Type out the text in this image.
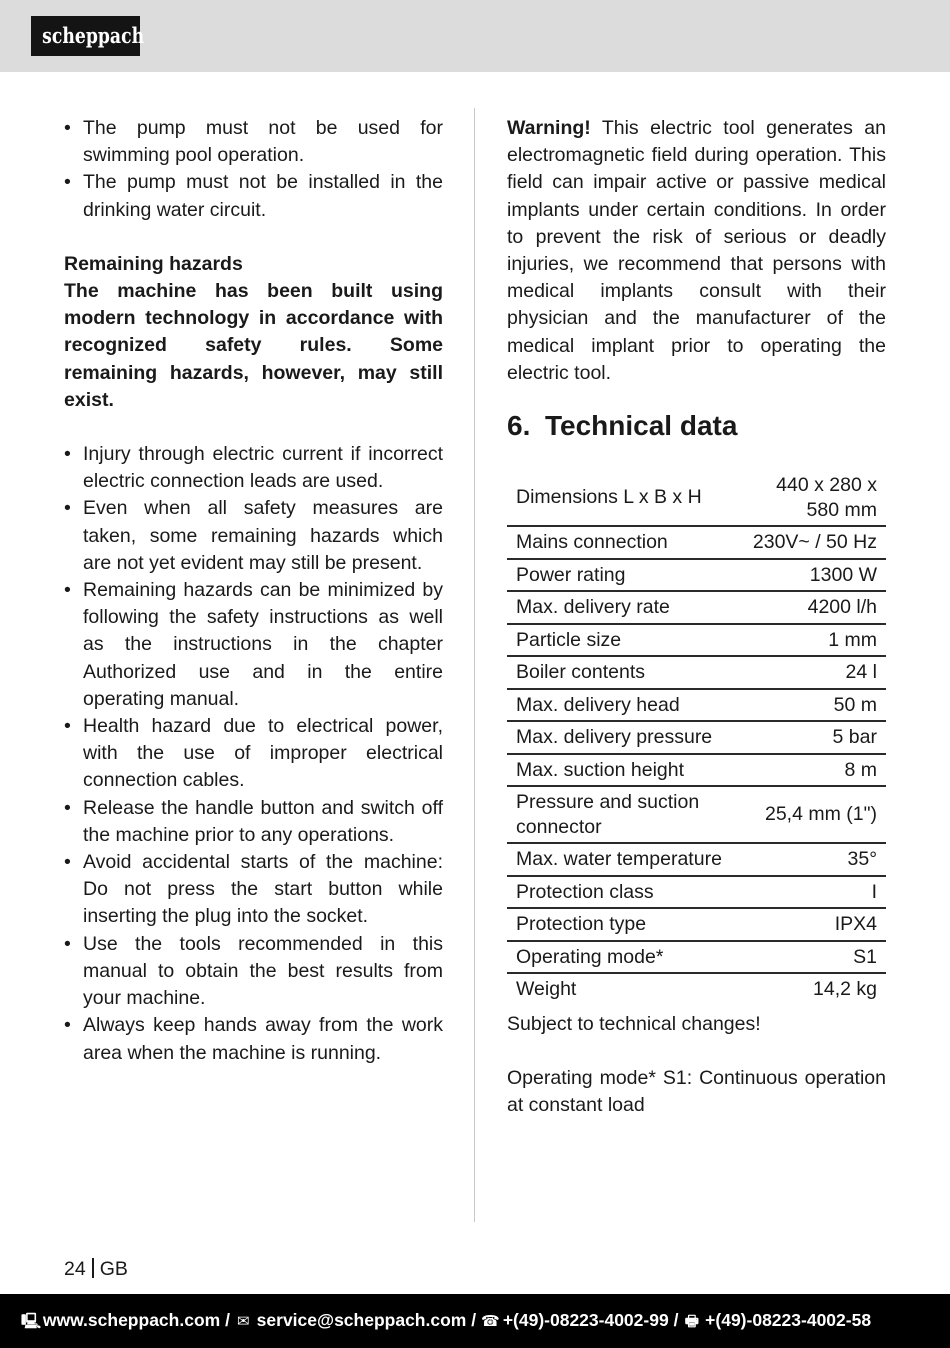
scheppach
• The pump must not be used for swimming pool operation.
• The pump must not be installed in the drinking water circuit.
Remaining hazards
The machine has been built using modern technology in accordance with recognized safety rules. Some remaining hazards, however, may still exist.
• Injury through electric current if incorrect electric connection leads are used.
• Even when all safety measures are taken, some remaining hazards which are not yet evident may still be present.
• Remaining hazards can be minimized by following the safety instructions as well as the instructions in the chapter Authorized use and in the entire operating manual.
• Health hazard due to electrical power, with the use of improper electrical connection cables.
• Release the handle button and switch off the machine prior to any operations.
• Avoid accidental starts of the machine: Do not press the start button while inserting the plug into the socket.
• Use the tools recommended in this manual to obtain the best results from your machine.
• Always keep hands away from the work area when the machine is running.

Warning! This electric tool generates an electromagnetic field during operation. This field can impair active or passive medical implants under certain conditions. In order to prevent the risk of serious or deadly injuries, we recommend that persons with medical implants consult with their physician and the manufacturer of the medical implant prior to operating the electric tool.

6. Technical data
Dimensions L x B x H	440 x 280 x 580 mm
Mains connection	230V~ / 50 Hz
Power rating	1300 W
Max. delivery rate	4200 l/h
Particle size	1 mm
Boiler contents	24 l
Max. delivery head	50 m
Max. delivery pressure	5 bar
Max. suction height	8 m
Pressure and suction connector	25,4 mm (1")
Max. water temperature	35°
Protection class	I
Protection type	IPX4
Operating mode*	S1
Weight	14,2 kg

Subject to technical changes!

Operating mode* S1: Continuous operation at constant load

24 GB
🖳 www.scheppach.com / ✉ service@scheppach.com / ☎ +(49)-08223-4002-99 / 🖶 +(49)-08223-4002-58
